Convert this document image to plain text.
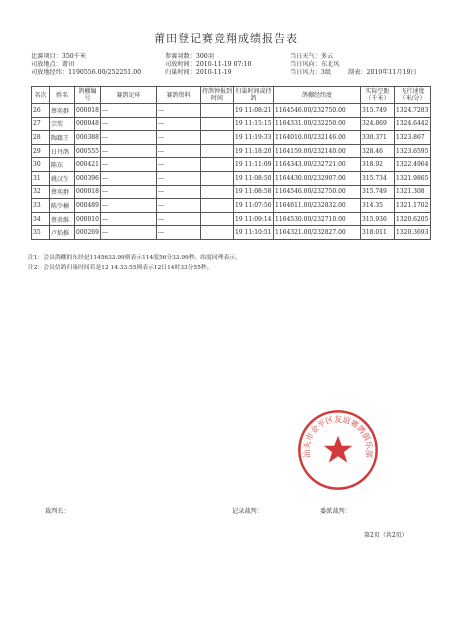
莆田登记赛竞翔成绩报告表
比赛项目：350千米	参赛羽数：300羽	当日天气：多云
司放地点：莆田	司放时间：2010-11-19 07:10	当日风向：东北风
司放地经纬：1190556.00/252251.00	归巢时间：2010-11-19	当日风力：3级	制表：2010年11月19日
名次	姓名	鸽棚编号	赛鸽足环	赛鸽资料	持鸽钟报到时间	归巢时间或持鸽	鸽棚经纬度	实际空距（千米）	飞行速度（米/分）
26	蔡奕群	000018	---	---		19 11:08:21	1164546.00/232750.00	315.749	1324.7283
27	宗奖	000048	---	---		19 11:15:15	1164331.00/232250.00	324.869	1324.6442
28	陶籍王	000388	---	---		19 11:19:33	1164010.00/232146.00	330.371	1323.867
29	日丹鸽	000555	---	---		19 11:18:20	1164159.00/232140.00	328.46	1323.6595
30	陈东	000421	---	---		19 11:11:09	1164343.00/232721.00	318.92	1322.4964
31	姚汉生	000396	---	---		19 11:08:50	1164430.00/232907.00	315.734	1321.9865
32	蔡奕群	000018	---	---		19 11:08:58	1164546.00/232750.00	315.749	1321.308
33	陈少楠	000489	---	---		19 11:07:56	1164611.00/232832.00	314.35	1321.1702
34	蔡炎维	000010	---	---		19 11:09:14	1164530.00/232710.00	315.936	1320.6205
35	卢焰推	000269	---	---		19 11:10:51	1164321.00/232827.00	318.011	1320.3693
注1：会员鸽棚的东经是1145633.99则表示114度56分33.99秒。纬度同理表示。
注2：会员信鸽归巢时间若是12 14:33:55则表示12日14时33分55秒。
汕头市金平区友谊赛鸽俱乐部
裁判长：	记录裁判：	委派裁判：
第2页（共2页）
